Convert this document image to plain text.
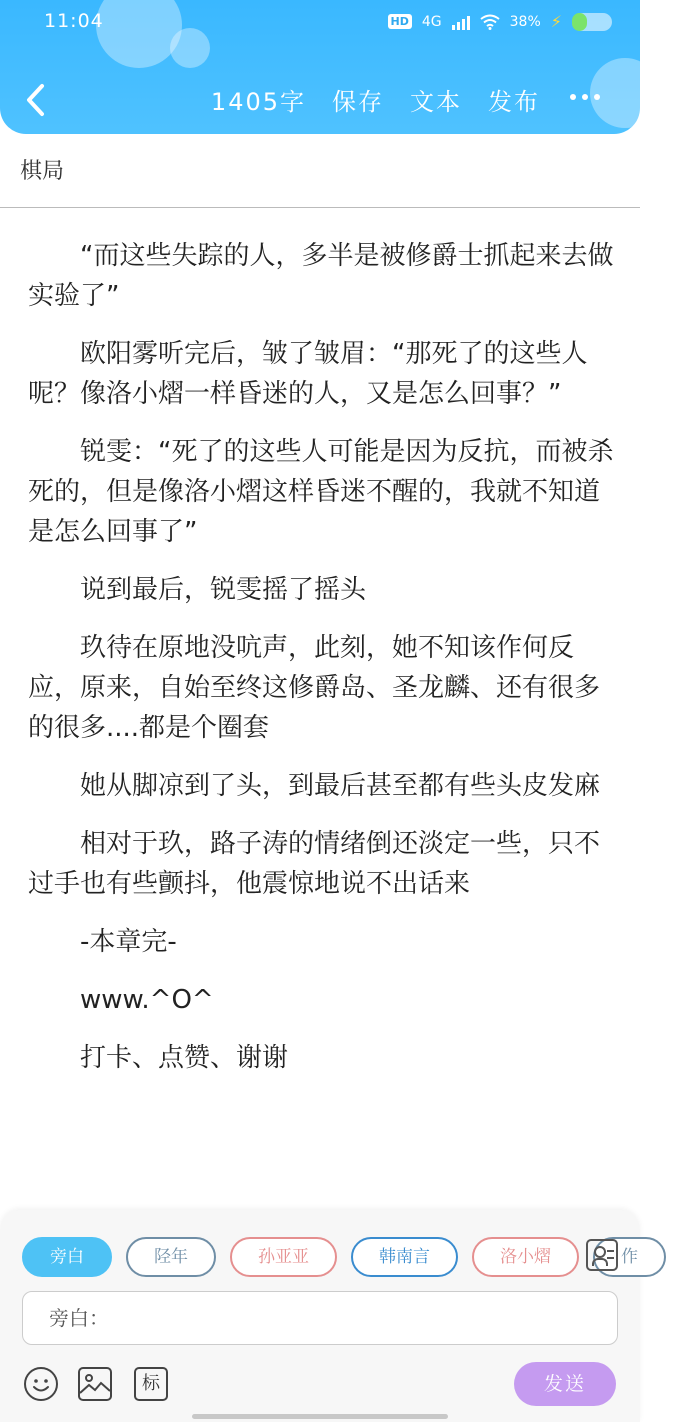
11:04	HD 4G	38% ⚡
1405字 保存 文本 发布
棋局

“而这些失踪的人，多半是被修爵士抓起来去做实验了”

欧阳雾听完后，皱了皱眉：“那死了的这些人呢？像洛小熠一样昏迷的人，又是怎么回事？”

锐雯：“死了的这些人可能是因为反抗，而被杀死的，但是像洛小熠这样昏迷不醒的，我就不知道是怎么回事了”

说到最后，锐雯摇了摇头

玖待在原地没吭声，此刻，她不知该作何反应，原来，自始至终这修爵岛、圣龙麟、还有很多的很多....都是个圈套

她从脚凉到了头，到最后甚至都有些头皮发麻

相对于玖，路子涛的情绪倒还淡定一些，只不过手也有些颤抖，他震惊地说不出话来

-本章完-

www.^O^

打卡、点赞、谢谢

旁白	陉年	孙亚亚	韩南言	洛小熠	作
旁白：
标	发送
